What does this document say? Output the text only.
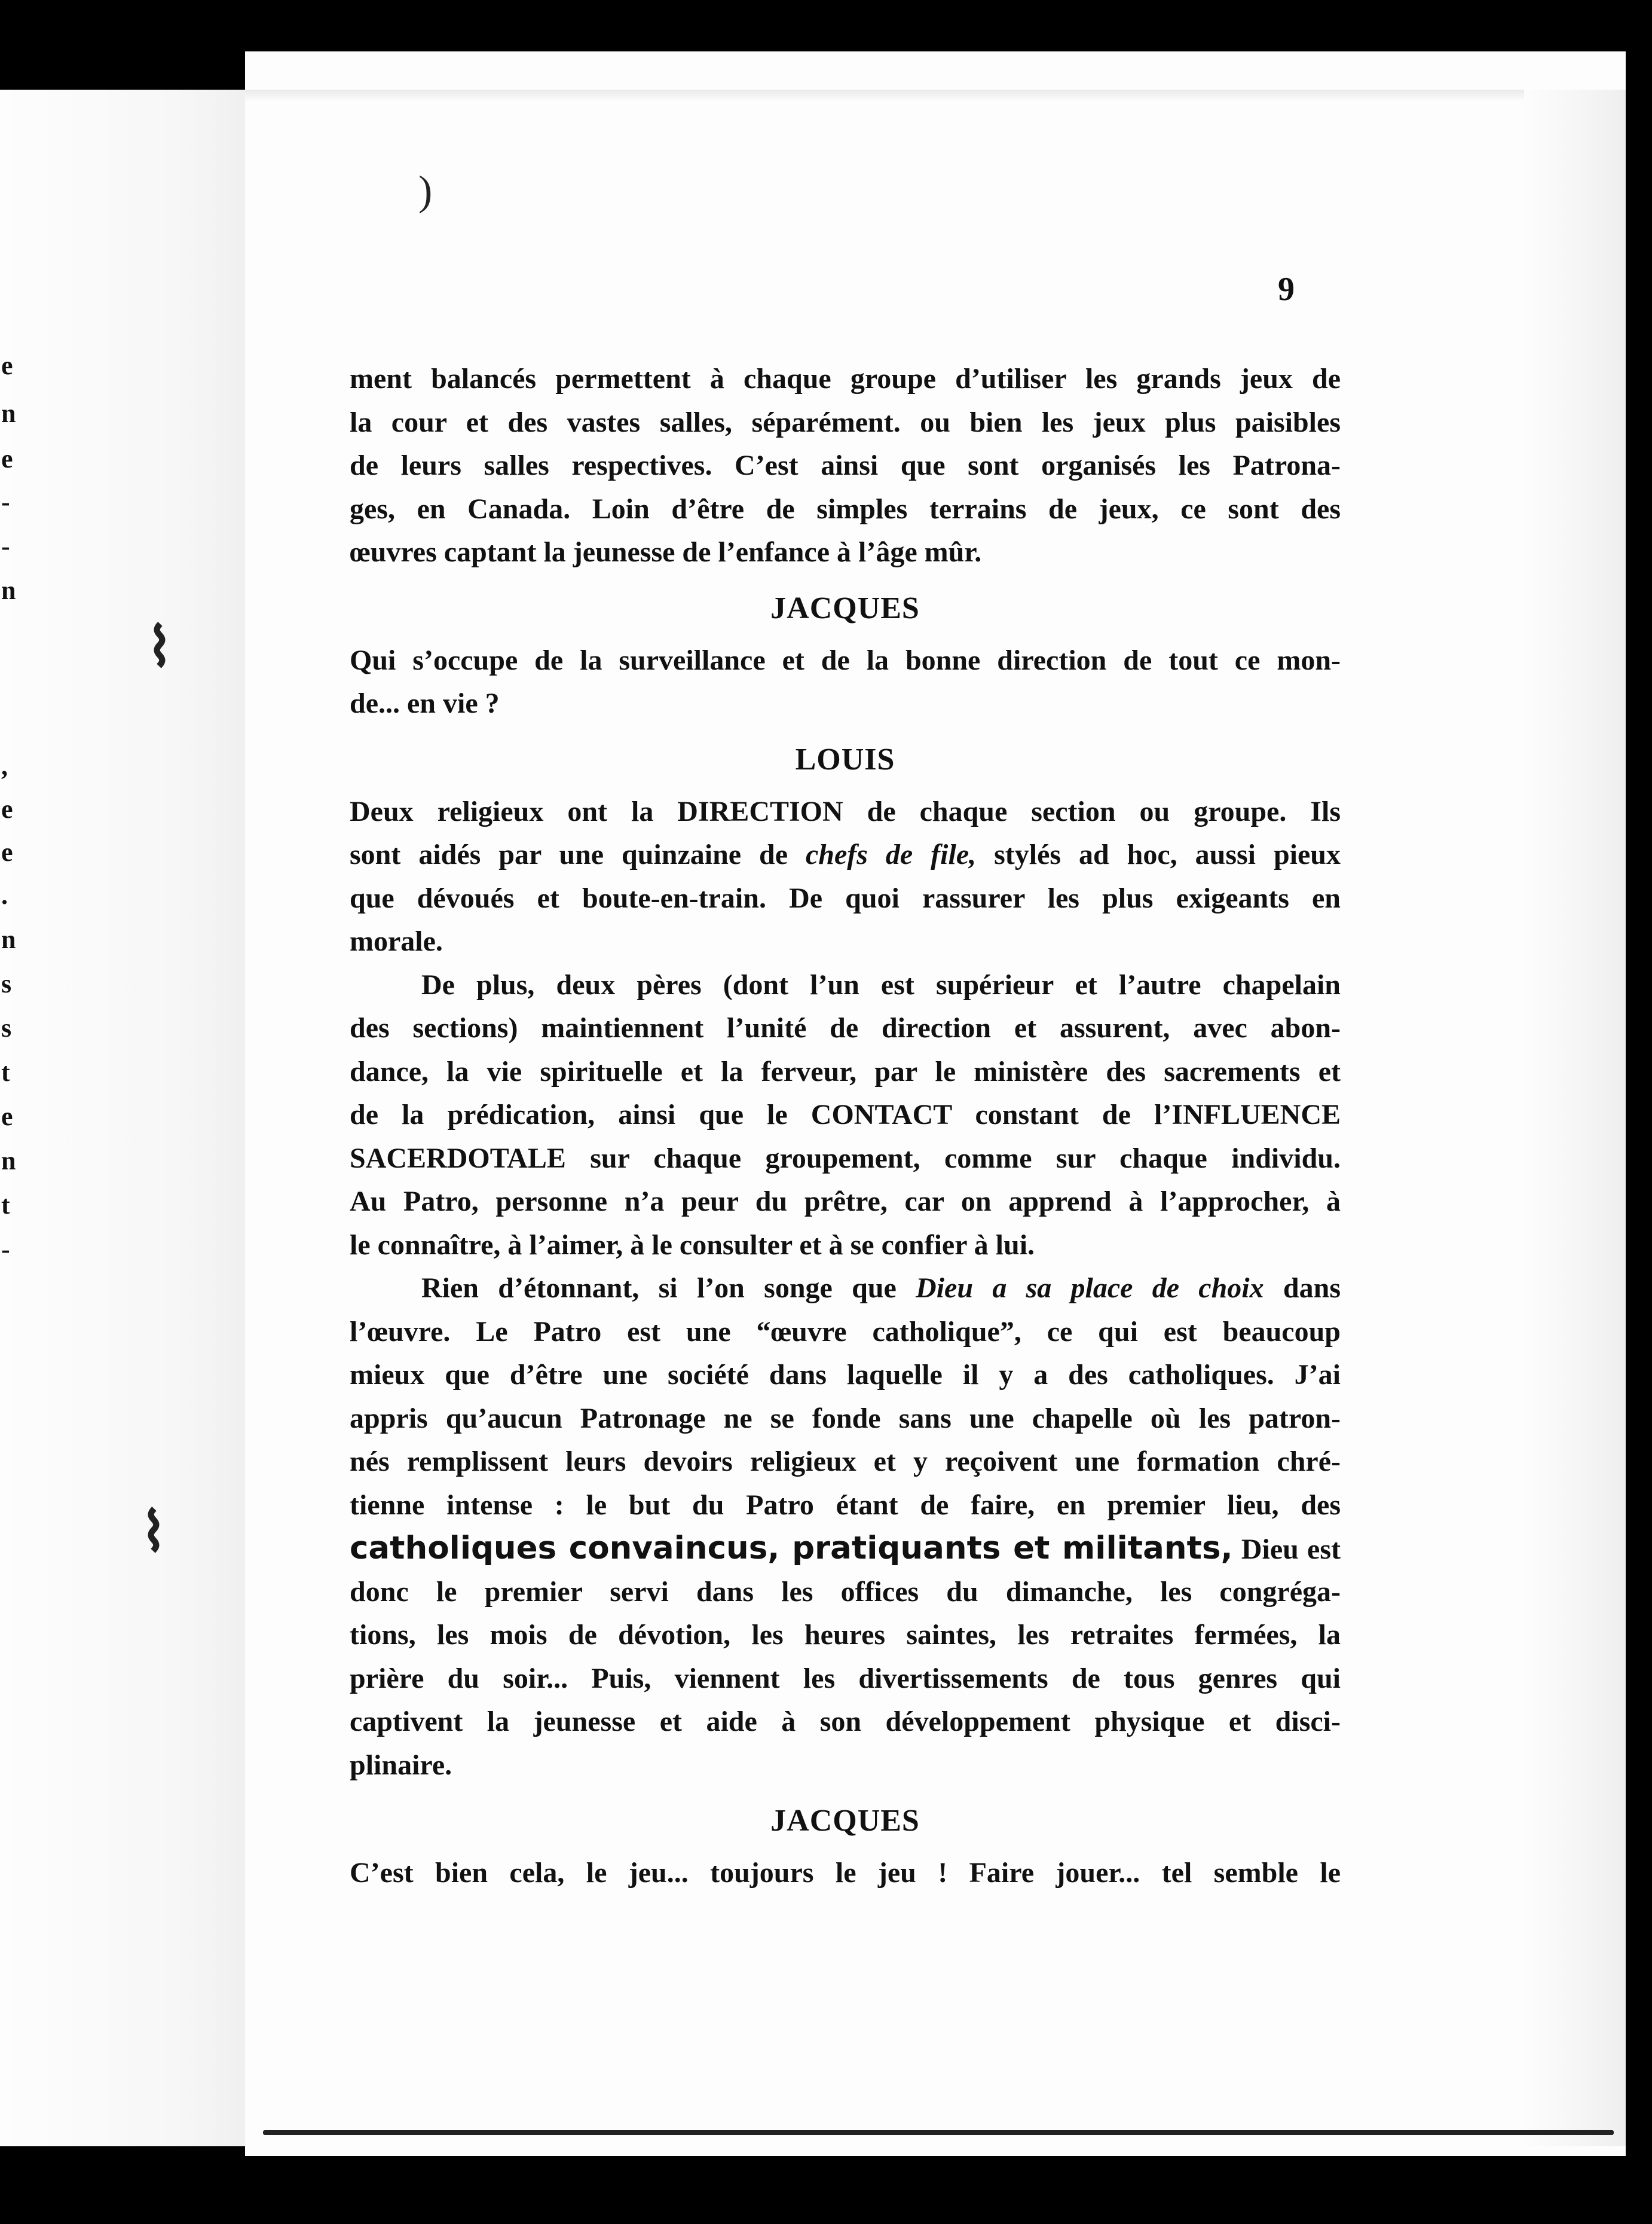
e
n
e
-
-
n
,
e
e
.
n
s
s
t
e
n
t
-
⌇
⌇
)
9
ment balancés permettent à chaque groupe d’utiliser les grands jeux de
la cour et des vastes salles, séparément. ou bien les jeux plus paisibles
de leurs salles respectives. C’est ainsi que sont organisés les Patrona-
ges, en Canada. Loin d’être de simples terrains de jeux, ce sont des
œuvres captant la jeunesse de l’enfance à l’âge mûr.
JACQUES
Qui s’occupe de la surveillance et de la bonne direction de tout ce mon-
de... en vie ?
LOUIS
Deux religieux ont la DIRECTION de chaque section ou groupe. Ils
sont aidés par une quinzaine de chefs de file, stylés ad hoc, aussi pieux
que dévoués et boute-en-train. De quoi rassurer les plus exigeants en
morale.
De plus, deux pères (dont l’un est supérieur et l’autre chapelain
des sections) maintiennent l’unité de direction et assurent, avec abon-
dance, la vie spirituelle et la ferveur, par le ministère des sacrements et
de la prédication, ainsi que le CONTACT constant de l’INFLUENCE
SACERDOTALE sur chaque groupement, comme sur chaque individu.
Au Patro, personne n’a peur du prêtre, car on apprend à l’approcher, à
le connaître, à l’aimer, à le consulter et à se confier à lui.
Rien d’étonnant, si l’on songe que Dieu a sa place de choix dans
l’œuvre. Le Patro est une “œuvre catholique”, ce qui est beaucoup
mieux que d’être une société dans laquelle il y a des catholiques. J’ai
appris qu’aucun Patronage ne se fonde sans une chapelle où les patron-
nés remplissent leurs devoirs religieux et y reçoivent une formation chré-
tienne intense : le but du Patro étant de faire, en premier lieu, des
catholiques convaincus, pratiquants et militants, Dieu est
donc le premier servi dans les offices du dimanche, les congréga-
tions, les mois de dévotion, les heures saintes, les retraites fermées, la
prière du soir... Puis, viennent les divertissements de tous genres qui
captivent la jeunesse et aide à son développement physique et disci-
plinaire.
JACQUES
C’est bien cela, le jeu... toujours le jeu ! Faire jouer... tel semble le
